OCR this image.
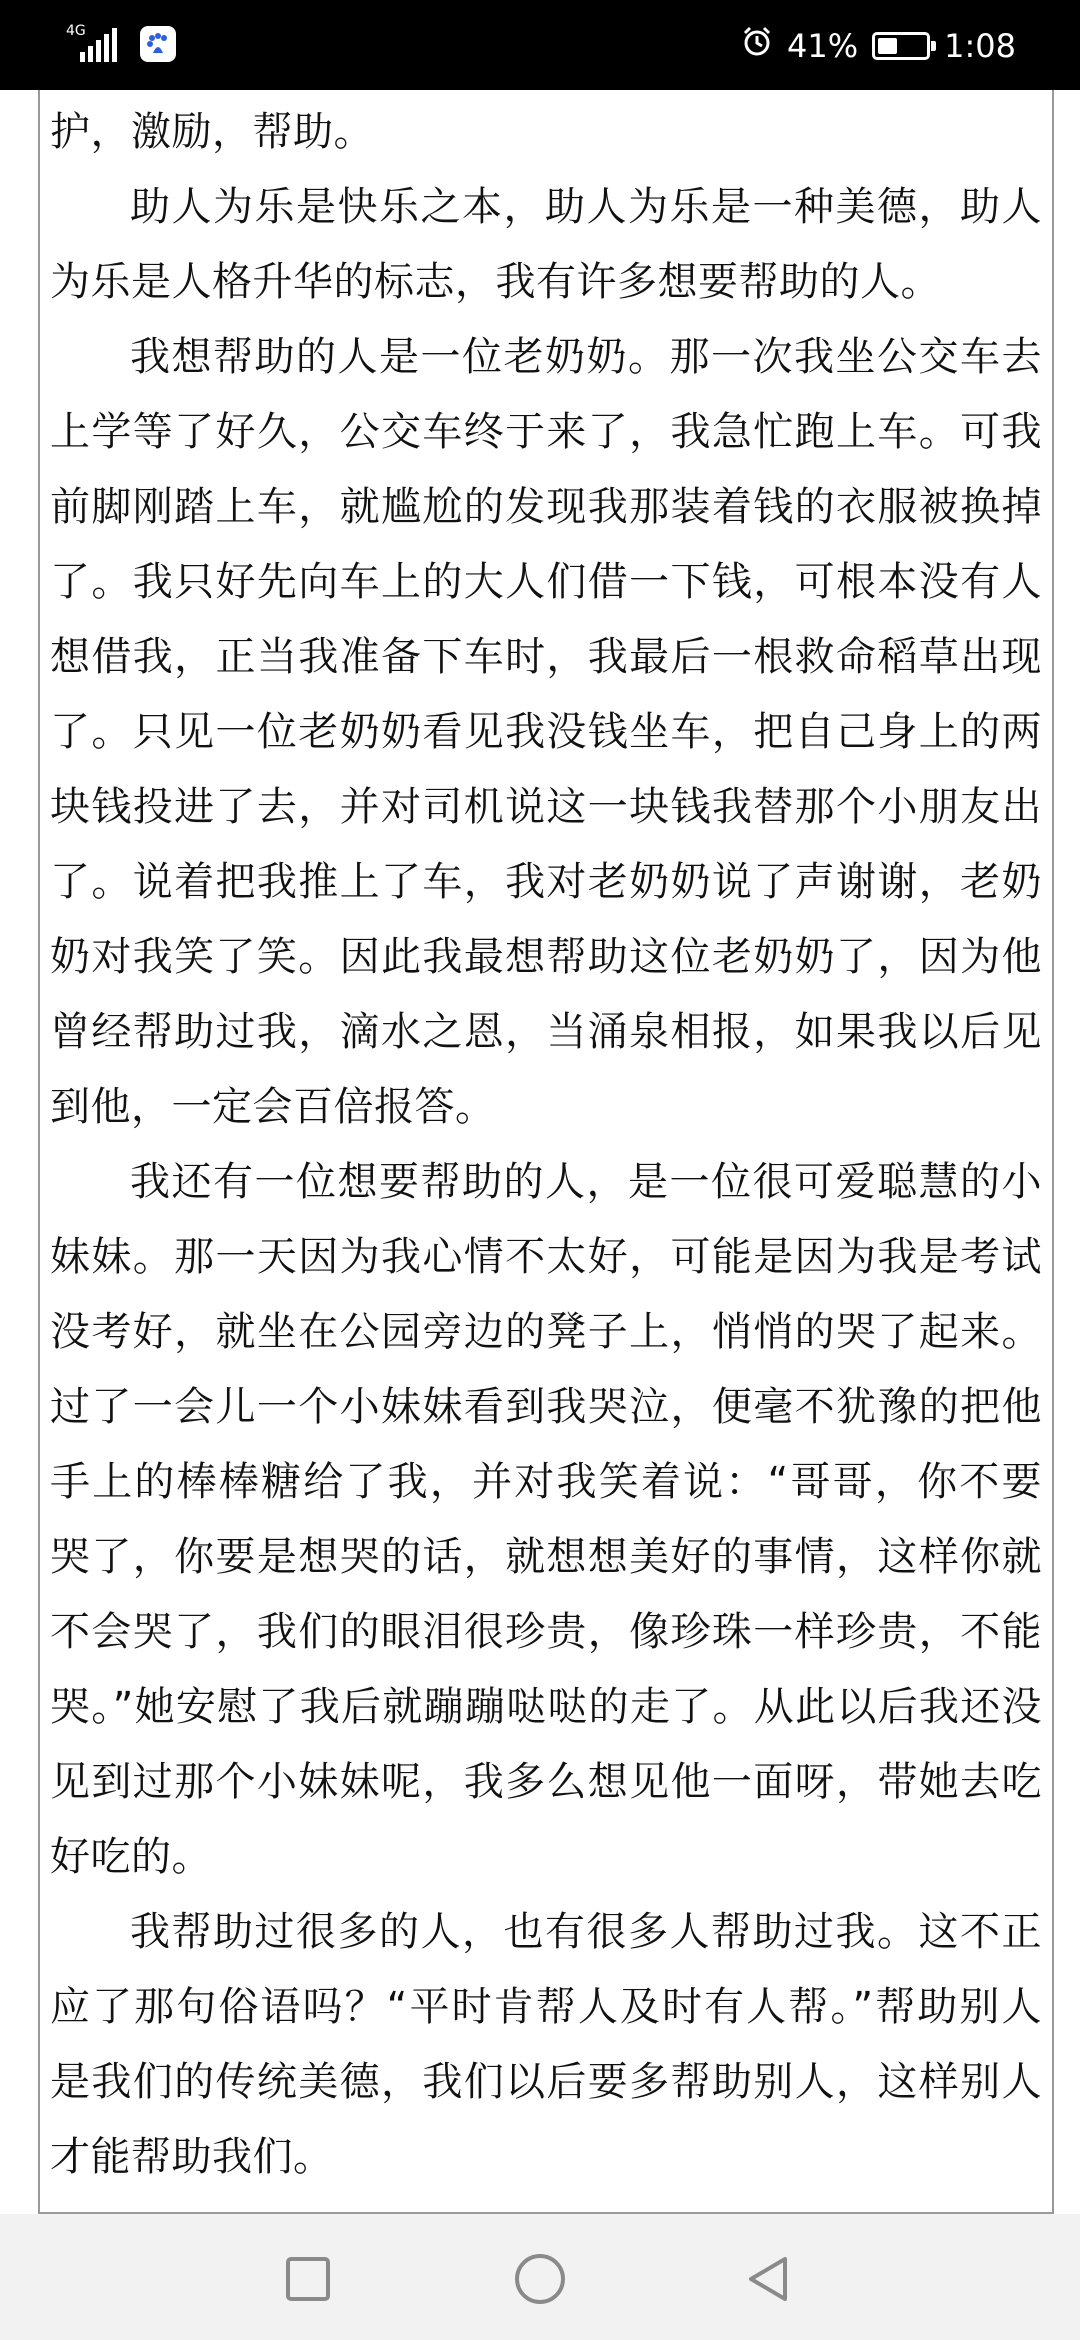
4G	41%	1:08

护，激励，帮助。

助人为乐是快乐之本，助人为乐是一种美德，助人为乐是人格升华的标志，我有许多想要帮助的人。

我想帮助的人是一位老奶奶。那一次我坐公交车去上学等了好久，公交车终于来了，我急忙跑上车。可我前脚刚踏上车，就尴尬的发现我那装着钱的衣服被换掉了。我只好先向车上的大人们借一下钱，可根本没有人想借我，正当我准备下车时，我最后一根救命稻草出现了。只见一位老奶奶看见我没钱坐车，把自己身上的两块钱投进了去，并对司机说这一块钱我替那个小朋友出了。说着把我推上了车，我对老奶奶说了声谢谢，老奶奶对我笑了笑。因此我最想帮助这位老奶奶了，因为他曾经帮助过我，滴水之恩，当涌泉相报，如果我以后见到他，一定会百倍报答。

我还有一位想要帮助的人，是一位很可爱聪慧的小妹妹。那一天因为我心情不太好，可能是因为我是考试没考好，就坐在公园旁边的凳子上，悄悄的哭了起来。过了一会儿一个小妹妹看到我哭泣，便毫不犹豫的把他手上的棒棒糖给了我，并对我笑着说：“哥哥，你不要哭了，你要是想哭的话，就想想美好的事情，这样你就不会哭了，我们的眼泪很珍贵，像珍珠一样珍贵，不能哭。”她安慰了我后就蹦蹦哒哒的走了。从此以后我还没见到过那个小妹妹呢，我多么想见他一面呀，带她去吃好吃的。

我帮助过很多的人，也有很多人帮助过我。这不正应了那句俗语吗？“平时肯帮人及时有人帮。”帮助别人是我们的传统美德，我们以后要多帮助别人，这样别人才能帮助我们。
